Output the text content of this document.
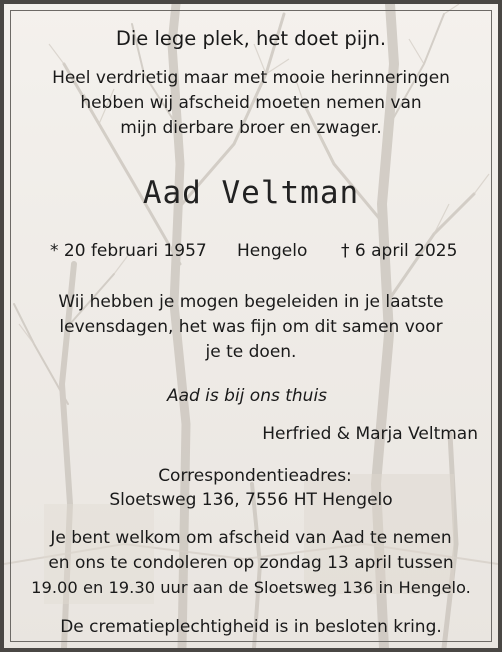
Die lege plek, het doet pijn.
Heel verdrietig maar met mooie herinneringen
hebben wij afscheid moeten nemen van
mijn dierbare broer en zwager.
Aad Veltman
* 20 februari 1957 Hengelo † 6 april 2025
Wij hebben je mogen begeleiden in je laatste
levensdagen, het was fijn om dit samen voor
je te doen.
Aad is bij ons thuis
Herfried & Marja Veltman
Correspondentieadres:
Sloetsweg 136, 7556 HT Hengelo
Je bent welkom om afscheid van Aad te nemen
en ons te condoleren op zondag 13 april tussen
19.00 en 19.30 uur aan de Sloetsweg 136 in Hengelo.
De crematieplechtigheid is in besloten kring.
